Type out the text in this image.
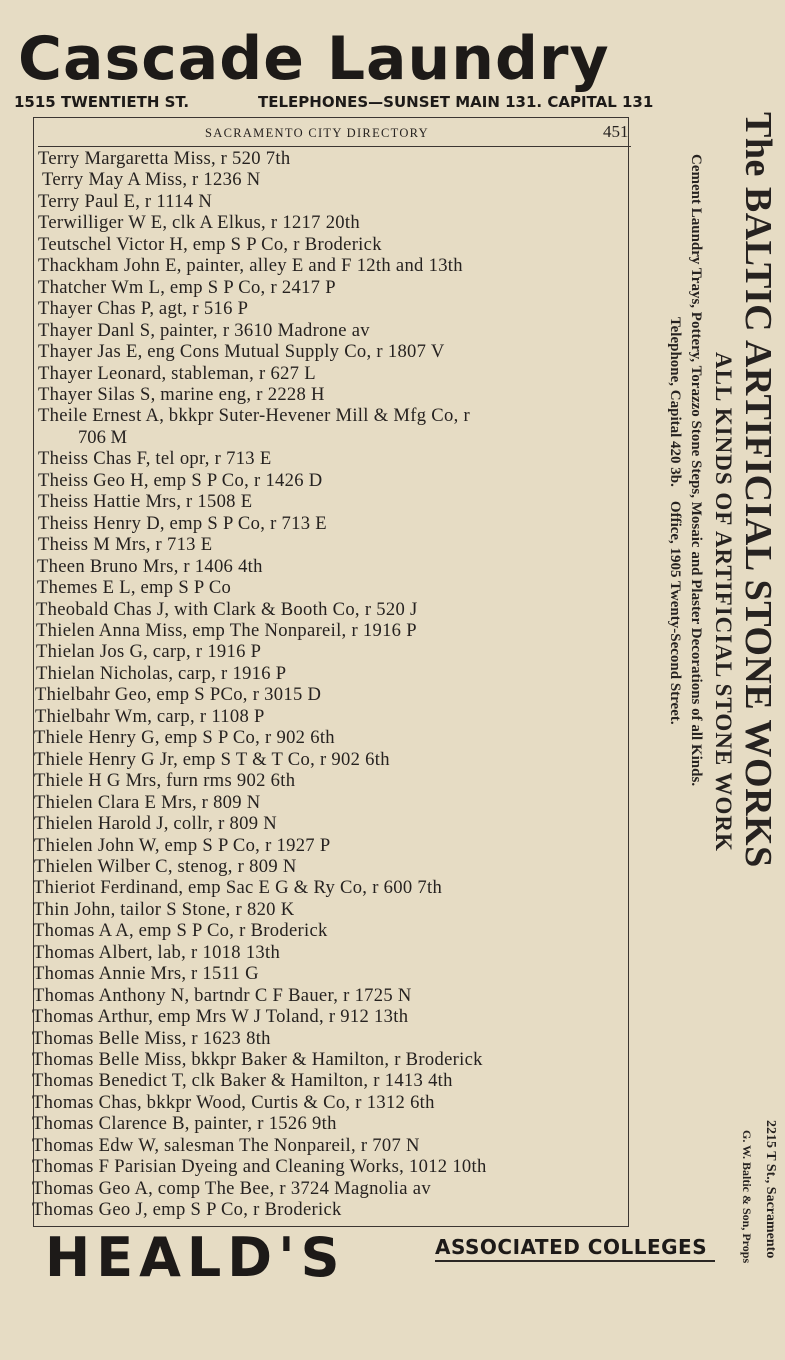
Cascade Laundry
1515 TWENTIETH ST.	TELEPHONES—SUNSET MAIN 131. CAPITAL 131
SACRAMENTO CITY DIRECTORY	451
Terry Margaretta Miss, r 520 7th
Terry May A Miss, r 1236 N
Terry Paul E, r 1114 N
Terwilliger W E, clk A Elkus, r 1217 20th
Teutschel Victor H, emp S P Co, r Broderick
Thackham John E, painter, alley E and F 12th and 13th
Thatcher Wm L, emp S P Co, r 2417 P
Thayer Chas P, agt, r 516 P
Thayer Danl S, painter, r 3610 Madrone av
Thayer Jas E, eng Cons Mutual Supply Co, r 1807 V
Thayer Leonard, stableman, r 627 L
Thayer Silas S, marine eng, r 2228 H
Theile Ernest A, bkkpr Suter-Hevener Mill & Mfg Co, r
706 M
Theiss Chas F, tel opr, r 713 E
Theiss Geo H, emp S P Co, r 1426 D
Theiss Hattie Mrs, r 1508 E
Theiss Henry D, emp S P Co, r 713 E
Theiss M Mrs, r 713 E
Theen Bruno Mrs, r 1406 4th
Themes E L, emp S P Co
Theobald Chas J, with Clark & Booth Co, r 520 J
Thielen Anna Miss, emp The Nonpareil, r 1916 P
Thielan Jos G, carp, r 1916 P
Thielan Nicholas, carp, r 1916 P
Thielbahr Geo, emp S PCo, r 3015 D
Thielbahr Wm, carp, r 1108 P
Thiele Henry G, emp S P Co, r 902 6th
Thiele Henry G Jr, emp S T & T Co, r 902 6th
Thiele H G Mrs, furn rms 902 6th
Thielen Clara E Mrs, r 809 N
Thielen Harold J, collr, r 809 N
Thielen John W, emp S P Co, r 1927 P
Thielen Wilber C, stenog, r 809 N
Thieriot Ferdinand, emp Sac E G & Ry Co, r 600 7th
Thin John, tailor S Stone, r 820 K
Thomas A A, emp S P Co, r Broderick
Thomas Albert, lab, r 1018 13th
Thomas Annie Mrs, r 1511 G
Thomas Anthony N, bartndr C F Bauer, r 1725 N
Thomas Arthur, emp Mrs W J Toland, r 912 13th
Thomas Belle Miss, r 1623 8th
Thomas Belle Miss, bkkpr Baker & Hamilton, r Broderick
Thomas Benedict T, clk Baker & Hamilton, r 1413 4th
Thomas Chas, bkkpr Wood, Curtis & Co, r 1312 6th
Thomas Clarence B, painter, r 1526 9th
Thomas Edw W, salesman The Nonpareil, r 707 N
Thomas F Parisian Dyeing and Cleaning Works, 1012 10th
Thomas Geo A, comp The Bee, r 3724 Magnolia av
Thomas Geo J, emp S P Co, r Broderick
The BALTIC ARTIFICIAL STONE WORKS
ALL KINDS OF ARTIFICIAL STONE WORK
Cement Laundry Trays, Pottery, Torazzo Stone Steps, Mosaic and Plaster Decorations of all Kinds.
Telephone, Capital 420 3b.Office, 1905 Twenty-Second Street.
2215 T St., Sacramento
G. W. Baltic & Son, Props
HEALD'S	ASSOCIATED COLLEGES
